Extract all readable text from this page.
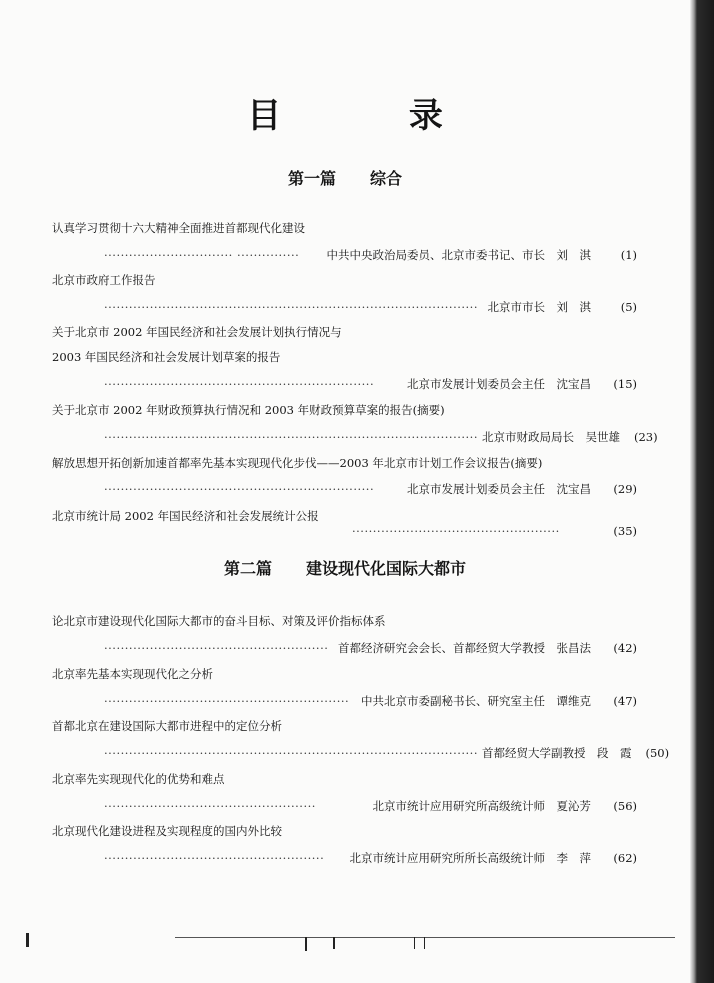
目 录
第一篇 综合
认真学习贯彻十六大精神全面推进首都现代化建设
······························· ···············	中共中央政治局委员、北京市委书记、市长　刘　淇	(1)
北京市政府工作报告
·························································································· 北京市市长　刘　淇	(5)
关于北京市 2002 年国民经济和社会发展计划执行情况与
2003 年国民经济和社会发展计划草案的报告
·································································	北京市发展计划委员会主任　沈宝昌	(15)
关于北京市 2002 年财政预算执行情况和 2003 年财政预算草案的报告(摘要)
·························································································· 北京市财政局局长　吴世雄 (23)
解放思想开拓创新加速首都率先基本实现现代化步伐——2003 年北京市计划工作会议报告(摘要)
·································································	北京市发展计划委员会主任　沈宝昌	(29)
北京市统计局 2002 年国民经济和社会发展统计公报
··················································	(35)
第二篇 建设现代化国际大都市
论北京市建设现代化国际大都市的奋斗目标、对策及评价指标体系
······················································ 首都经济研究会会长、首都经贸大学教授　张昌法	(42)
北京率先基本实现现代化之分析
···························································	中共北京市委副秘书长、研究室主任　谭维克	(47)
首都北京在建设国际大都市进程中的定位分析
·························································································· 首都经贸大学副教授　段　霞 (50)
北京率先实现现代化的优势和难点
···················································	北京市统计应用研究所高级统计师　夏沁芳	(56)
北京现代化建设进程及实现程度的国内外比较
·····················································	北京市统计应用研究所所长高级统计师　李　萍	(62)
